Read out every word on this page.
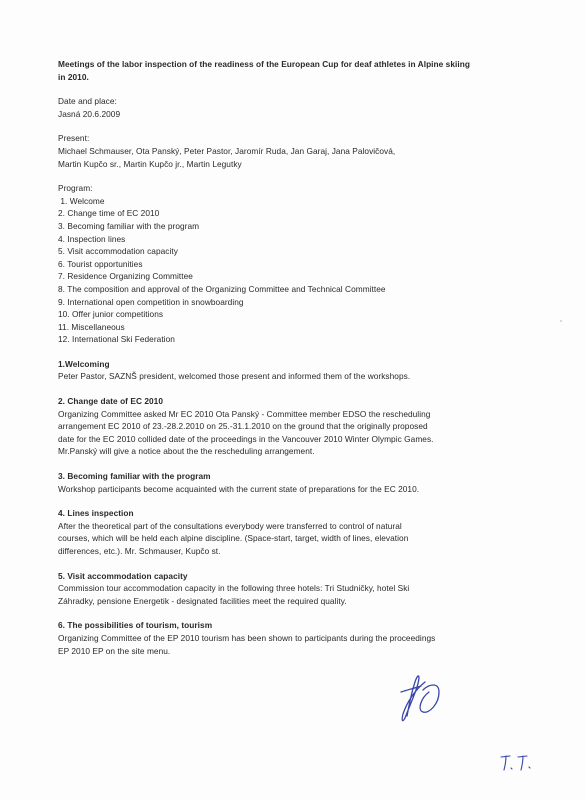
Meetings of the labor inspection of the readiness of the European Cup for deaf athletes in Alpine skiing in 2010.
Date and place:
Jasná 20.6.2009
Present:
Michael Schmauser, Ota Panský, Peter Pastor, Jaromír Ruda, Jan Garaj, Jana Palovičová,
Martin Kupčo sr., Martin Kupčo jr., Martin Legutky
Program:
1. Welcome
2. Change time of EC 2010
3. Becoming familiar with the program
4. Inspection lines
5. Visit accommodation capacity
6. Tourist opportunities
7. Residence Organizing Committee
8. The composition and approval of the Organizing Committee and Technical Committee
9. International open competition in snowboarding
10. Offer junior competitions
11. Miscellaneous
12. International Ski Federation
1.Welcoming
Peter Pastor, SAZNŠ president, welcomed those present and informed them of the workshops.
2. Change date of EC 2010
Organizing Committee asked Mr EC 2010 Ota Panský - Committee member EDSO the rescheduling
arrangement EC 2010 of 23.-28.2.2010 on 25.-31.1.2010 on the ground that the originally proposed
date for the EC 2010 collided date of the proceedings in the Vancouver 2010 Winter Olympic Games.
Mr.Panský will give a notice about the the rescheduling arrangement.
3. Becoming familiar with the program
Workshop participants become acquainted with the current state of preparations for the EC 2010.
4. Lines inspection
After the theoretical part of the consultations everybody were transferred to control of natural
courses, which will be held each alpine discipline. (Space-start, target, width of lines, elevation
differences, etc.). Mr. Schmauser, Kupčo st.
5. Visit accommodation capacity
Commission tour accommodation capacity in the following three hotels: Tri Studničky, hotel Ski
Záhradky, pensione Energetik - designated facilities meet the required quality.
6. The possibilities of tourism, tourism
Organizing Committee of the EP 2010 tourism has been shown to participants during the proceedings
EP 2010 EP on the site menu.
